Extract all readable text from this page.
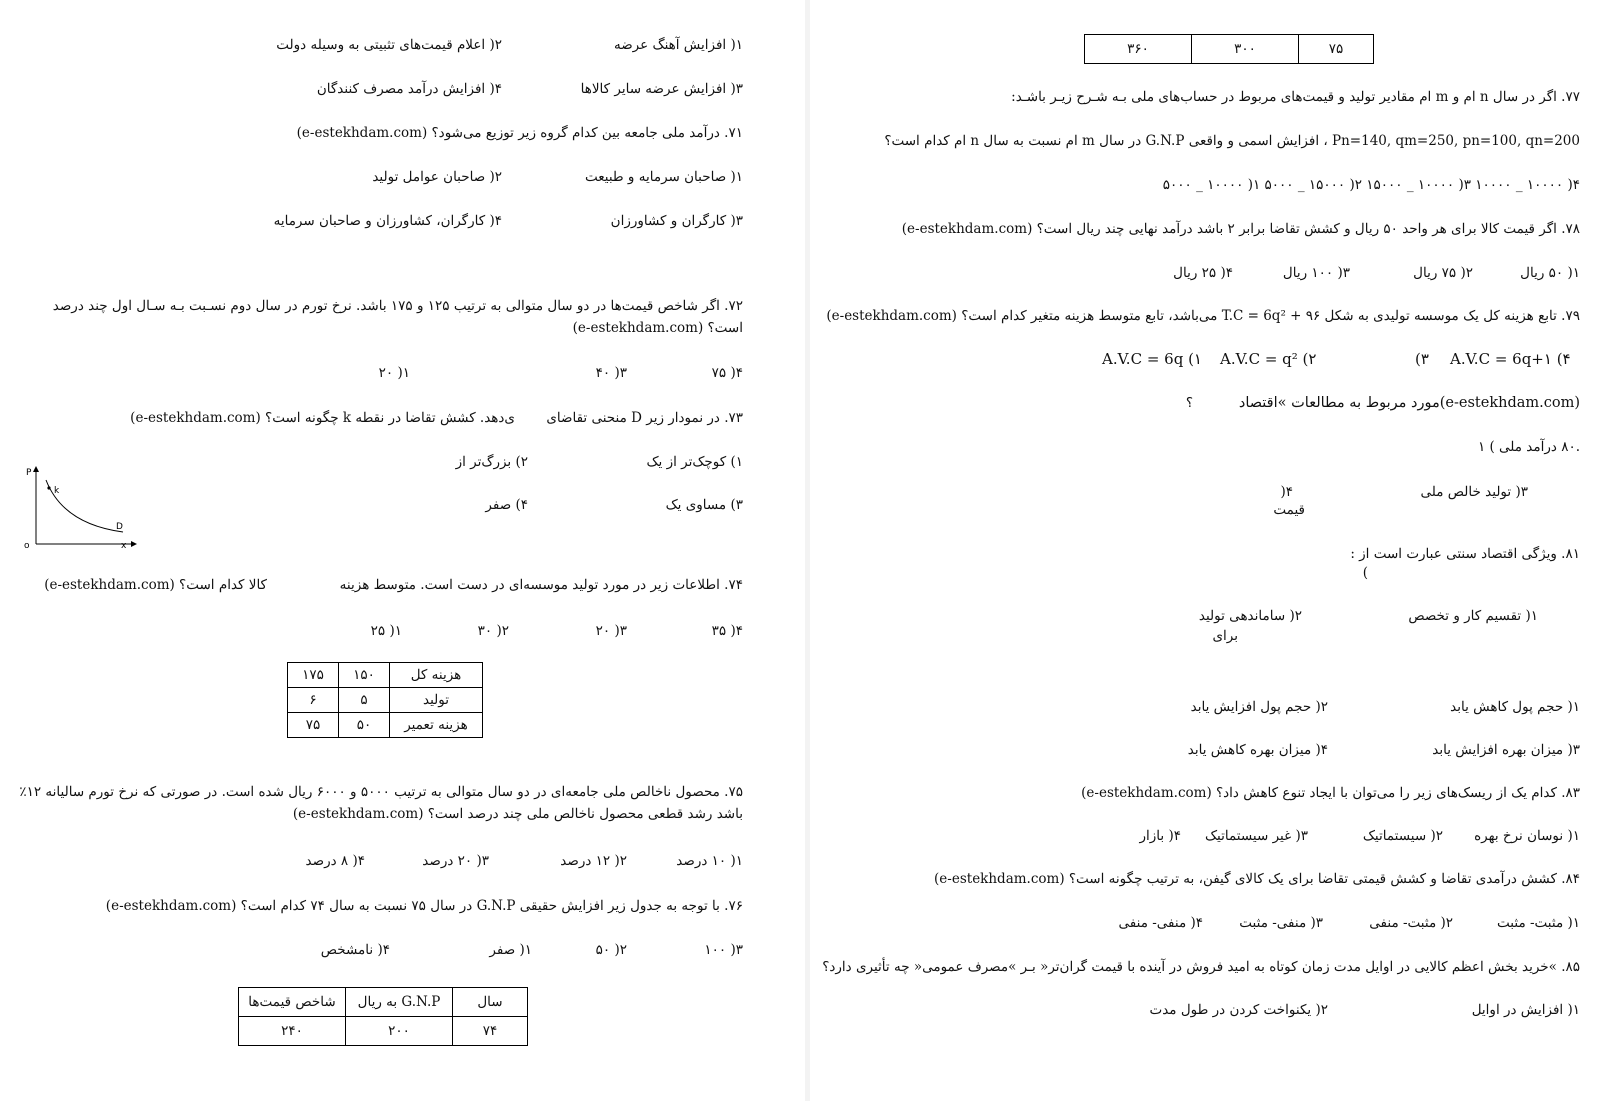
۱( افزایش آهنگ عرضه
۲( اعلام قیمت‌های تثبیتی به وسیله دولت
۳( افزایش عرضه سایر کالاها
۴( افزایش درآمد مصرف کنندگان
۷۱. درآمد ملی جامعه بین کدام گروه زیر توزیع می‌شود؟ (e-estekhdam.com)
۱( صاحبان سرمایه و طبیعت
۲( صاحبان عوامل تولید
۳( کارگران و کشاورزان
۴( کارگران، کشاورزان و صاحبان سرمایه
۷۲. اگر شاخص قیمت‌ها در دو سال متوالی به ترتیب ۱۲۵ و ۱۷۵ باشد. نرخ تورم در سال دوم نسـبت بـه سـال اول چند درصد است؟ (e-estekhdam.com)
۴( ۷۵
۳( ۴۰
۱( ۲۰
۷۳. در نمودار زیر D منحنی تقاضای
ی‌دهد. کشش تقاضا در نقطه k چگونه است؟ (e-estekhdam.com)
۱) کوچک‌تر از یک
۲) بزرگ‌تر از
۳) مساوی یک
۴) صفر
P
k
D
o	x
۷۴. اطلاعات زیر در مورد تولید موسسه‌ای در دست است. متوسط هزینه
کالا کدام است؟ (e-estekhdam.com)
۴( ۳۵
۳( ۲۰
۲( ۳۰
۱( ۲۵
هزینه کل	۱۵۰	۱۷۵
تولید	۵	۶
هزینه تعمیر	۵۰	۷۵
۷۵. محصول ناخالص ملی جامعه‌ای در دو سال متوالی به ترتیب ۵۰۰۰ و ۶۰۰۰ ریال شده است. در صورتی که نرخ تورم سالیانه ۱۲٪ باشد رشد قطعی محصول ناخالص ملی چند درصد است؟ (e-estekhdam.com)
۱( ۱۰ درصد
۲( ۱۲ درصد
۳( ۲۰ درصد
۴( ۸ درصد
۷۶. با توجه به جدول زیر افزایش حقیقی G.N.P در سال ۷۵ نسبت به سال ۷۴ کدام است؟ (e-estekhdam.com)
۳( ۱۰۰
۲( ۵۰
۱( صفر
۴( نامشخص
سال	G.N.P به ریال	شاخص قیمت‌ها
۷۴	۲۰۰	۲۴۰
۷۵	۳۰۰	۳۶۰
۷۷. اگر در سال n ام و m ام مقادیر تولید و قیمت‌های مربوط در حساب‌های ملی بـه شـرح زیـر باشـد:
Pn=140, qm=250, pn=100, qn=200 ، افزایش اسمی و واقعی G.N.P در سال m ام نسبت به سال n ام کدام است؟
۴( ۱۰۰۰۰ _ ۱۰۰۰۰ ۳( ۱۰۰۰۰ _ ۱۵۰۰۰ ۲( ۱۵۰۰۰ _ ۵۰۰۰ ۱( ۱۰۰۰۰ _ ۵۰۰۰
۷۸. اگر قیمت کالا برای هر واحد ۵۰ ریال و کشش تقاضا برابر ۲ باشد درآمد نهایی چند ریال است؟ (e-estekhdam.com)
۱( ۵۰ ریال
۲( ۷۵ ریال
۳( ۱۰۰ ریال
۴( ۲۵ ریال
۷۹. تابع هزینه کل یک موسسه تولیدی به شکل T.C = 6q² + ۹۶ می‌باشد، تابع متوسط هزینه متغیر کدام است؟ (e-estekhdam.com)
A.V.C = 6q+۱ (۴
(۳
A.V.C = q² (۲
A.V.C = 6q (۱
(e-estekhdam.com)مورد مربوط به مطالعات »اقتصاد
؟
.۸۰ درآمد ملی ) ۱
۳( تولید خالص ملی
۴(
قیمت
۸۱. ویژگی اقتصاد سنتی عبارت است از :
)
۱( تقسیم کار و تخصص
۲( ساماندهی تولید
برای
۱( حجم پول کاهش یابد
۲( حجم پول افزایش یابد
۳( میزان بهره افزایش یابد
۴( میزان بهره کاهش یابد
۸۳. کدام یک از ریسک‌های زیر را می‌توان با ایجاد تنوع کاهش داد؟ (e-estekhdam.com)
۱( نوسان نرخ بهره
۲( سیستماتیک
۳( غیر سیستماتیک
۴( بازار
۸۴. کشش درآمدی تقاضا و کشش قیمتی تقاضا برای یک کالای گیفن، به ترتیب چگونه است؟ (e-estekhdam.com)
۱( مثبت- مثبت
۲( مثبت- منفی
۳( منفی- مثبت
۴( منفی- منفی
۸۵. »خرید بخش اعظم کالایی در اوایل مدت زمان کوتاه به امید فروش در آینده با قیمت گران‌تر« بـر »مصرف عمومی« چه تأثیری دارد؟
۱( افزایش در اوایل
۲( یکنواخت کردن در طول مدت
